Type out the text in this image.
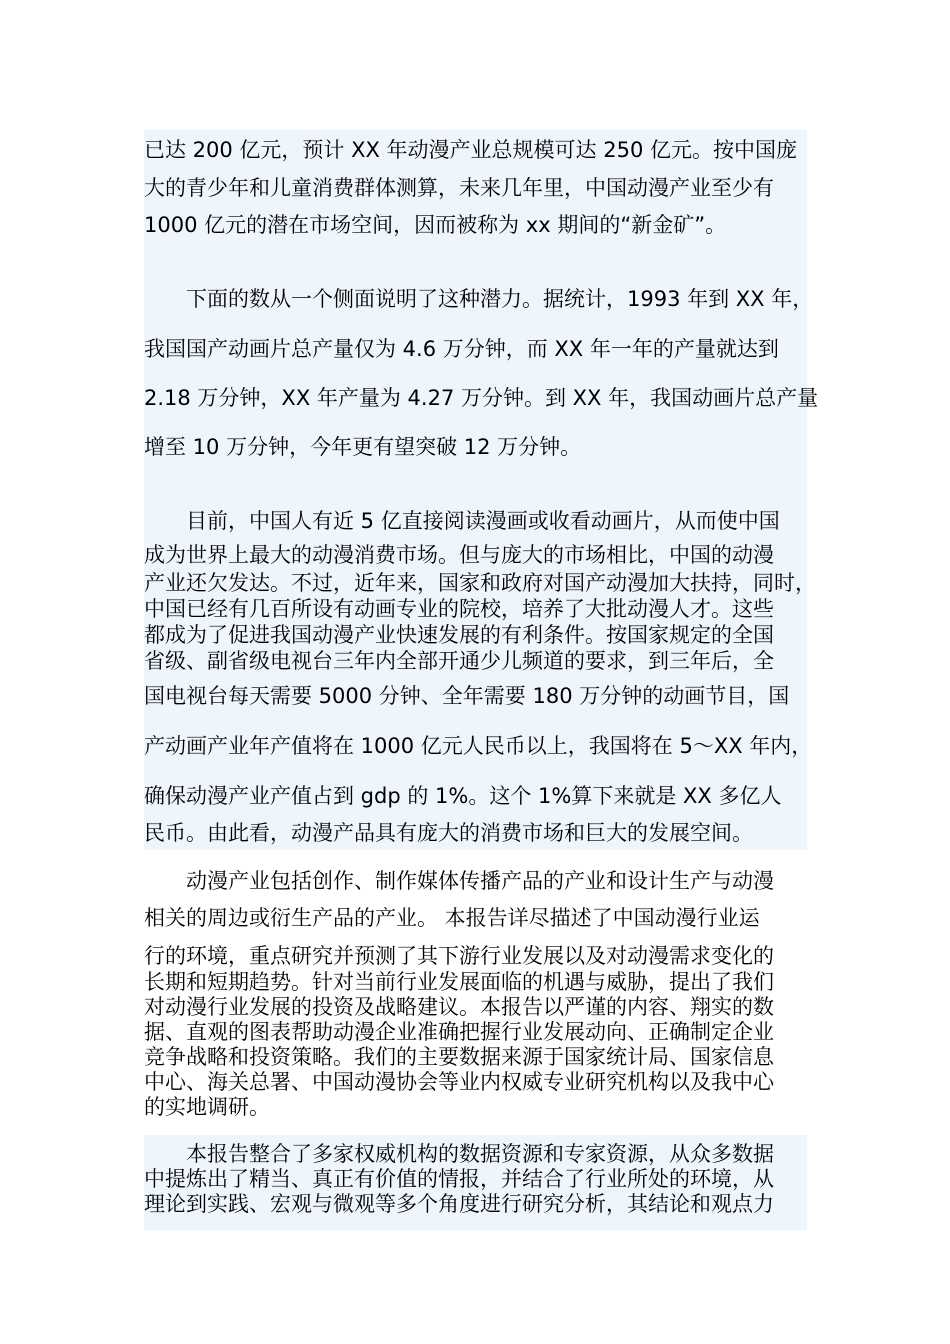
已达 200 亿元，预计 XX 年动漫产业总规模可达 250 亿元。按中国庞
大的青少年和儿童消费群体测算，未来几年里，中国动漫产业至少有
1000 亿元的潜在市场空间，因而被称为 xx 期间的“新金矿”。
　　下面的数从一个侧面说明了这种潜力。据统计，1993 年到 XX 年，
我国国产动画片总产量仅为 4.6 万分钟，而 XX 年一年的产量就达到
2.18 万分钟，XX 年产量为 4.27 万分钟。到 XX 年，我国动画片总产量
增至 10 万分钟，今年更有望突破 12 万分钟。
　　目前，中国人有近 5 亿直接阅读漫画或收看动画片，从而使中国
成为世界上最大的动漫消费市场。但与庞大的市场相比，中国的动漫
产业还欠发达。不过，近年来，国家和政府对国产动漫加大扶持，同时，
中国已经有几百所设有动画专业的院校，培养了大批动漫人才。这些
都成为了促进我国动漫产业快速发展的有利条件。按国家规定的全国
省级、副省级电视台三年内全部开通少儿频道的要求，到三年后，全
国电视台每天需要 5000 分钟、全年需要 180 万分钟的动画节目，国
产动画产业年产值将在 1000 亿元人民币以上，我国将在 5～XX 年内，
确保动漫产业产值占到 gdp 的 1%。这个 1%算下来就是 XX 多亿人
民币。由此看，动漫产品具有庞大的消费市场和巨大的发展空间。
　　动漫产业包括创作、制作媒体传播产品的产业和设计生产与动漫
相关的周边或衍生产品的产业。 本报告详尽描述了中国动漫行业运
行的环境，重点研究并预测了其下游行业发展以及对动漫需求变化的
长期和短期趋势。针对当前行业发展面临的机遇与威胁，提出了我们
对动漫行业发展的投资及战略建议。本报告以严谨的内容、翔实的数
据、直观的图表帮助动漫企业准确把握行业发展动向、正确制定企业
竞争战略和投资策略。我们的主要数据来源于国家统计局、国家信息
中心、海关总署、中国动漫协会等业内权威专业研究机构以及我中心
的实地调研。
　　本报告整合了多家权威机构的数据资源和专家资源，从众多数据
中提炼出了精当、真正有价值的情报，并结合了行业所处的环境，从
理论到实践、宏观与微观等多个角度进行研究分析，其结论和观点力
